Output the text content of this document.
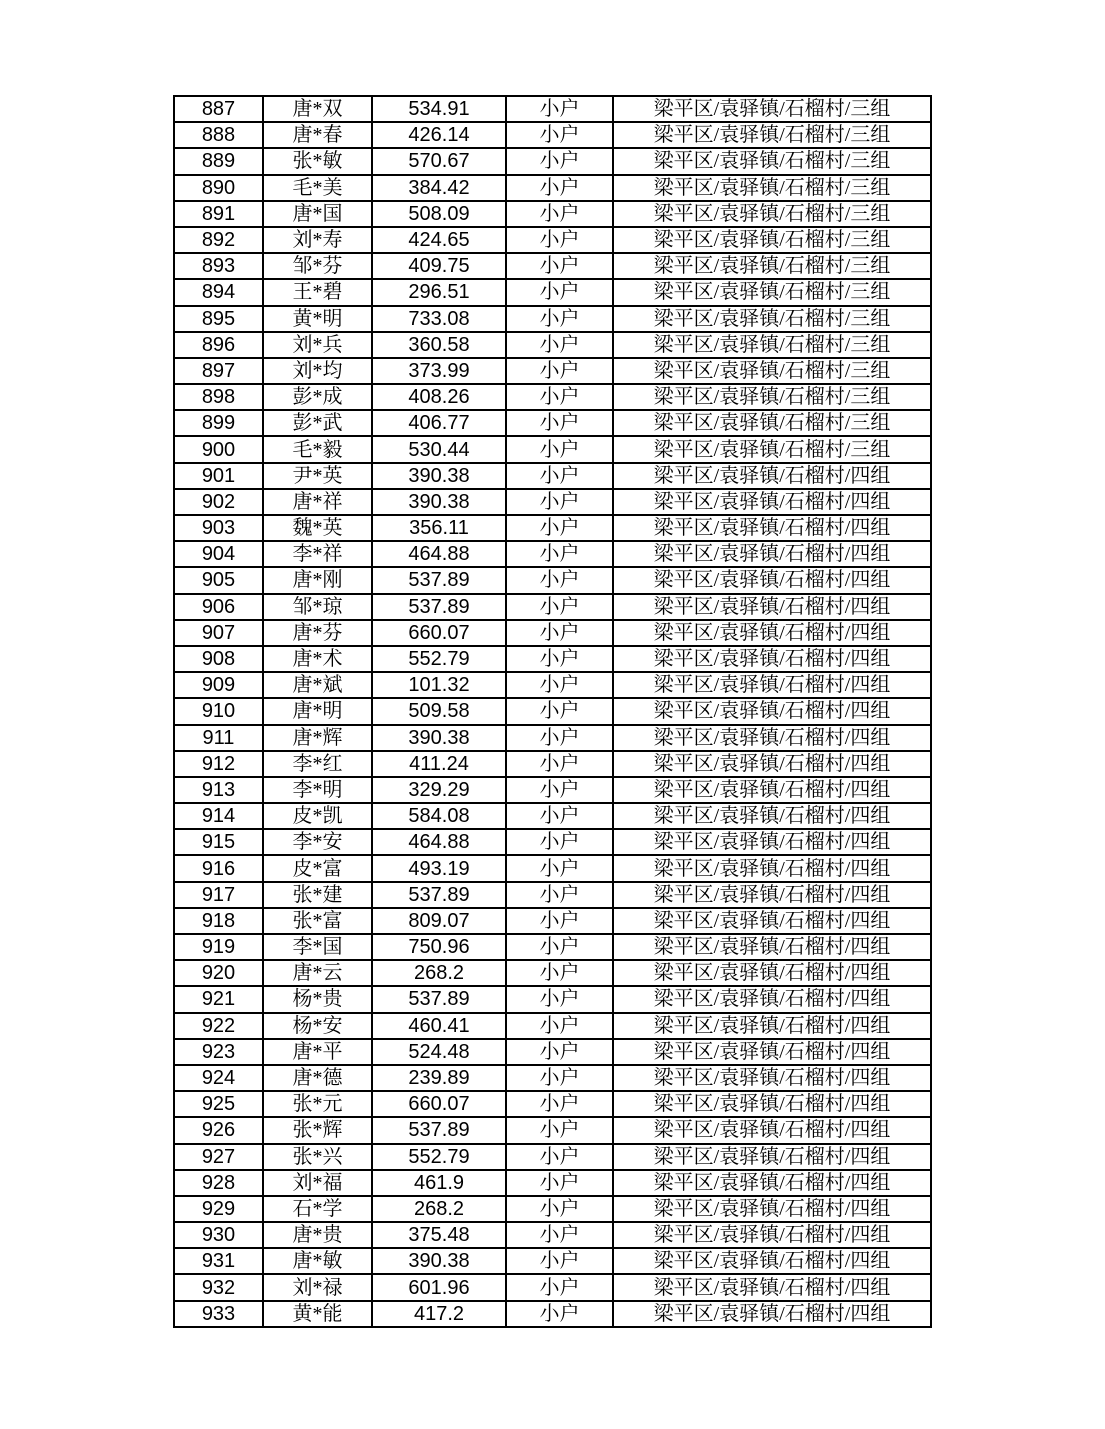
887	唐*双	534.91	小户	梁平区/袁驿镇/石榴村/三组
888	唐*春	426.14	小户	梁平区/袁驿镇/石榴村/三组
889	张*敏	570.67	小户	梁平区/袁驿镇/石榴村/三组
890	毛*美	384.42	小户	梁平区/袁驿镇/石榴村/三组
891	唐*国	508.09	小户	梁平区/袁驿镇/石榴村/三组
892	刘*寿	424.65	小户	梁平区/袁驿镇/石榴村/三组
893	邹*芬	409.75	小户	梁平区/袁驿镇/石榴村/三组
894	王*碧	296.51	小户	梁平区/袁驿镇/石榴村/三组
895	黄*明	733.08	小户	梁平区/袁驿镇/石榴村/三组
896	刘*兵	360.58	小户	梁平区/袁驿镇/石榴村/三组
897	刘*均	373.99	小户	梁平区/袁驿镇/石榴村/三组
898	彭*成	408.26	小户	梁平区/袁驿镇/石榴村/三组
899	彭*武	406.77	小户	梁平区/袁驿镇/石榴村/三组
900	毛*毅	530.44	小户	梁平区/袁驿镇/石榴村/三组
901	尹*英	390.38	小户	梁平区/袁驿镇/石榴村/四组
902	唐*祥	390.38	小户	梁平区/袁驿镇/石榴村/四组
903	魏*英	356.11	小户	梁平区/袁驿镇/石榴村/四组
904	李*祥	464.88	小户	梁平区/袁驿镇/石榴村/四组
905	唐*刚	537.89	小户	梁平区/袁驿镇/石榴村/四组
906	邹*琼	537.89	小户	梁平区/袁驿镇/石榴村/四组
907	唐*芬	660.07	小户	梁平区/袁驿镇/石榴村/四组
908	唐*术	552.79	小户	梁平区/袁驿镇/石榴村/四组
909	唐*斌	101.32	小户	梁平区/袁驿镇/石榴村/四组
910	唐*明	509.58	小户	梁平区/袁驿镇/石榴村/四组
911	唐*辉	390.38	小户	梁平区/袁驿镇/石榴村/四组
912	李*红	411.24	小户	梁平区/袁驿镇/石榴村/四组
913	李*明	329.29	小户	梁平区/袁驿镇/石榴村/四组
914	皮*凯	584.08	小户	梁平区/袁驿镇/石榴村/四组
915	李*安	464.88	小户	梁平区/袁驿镇/石榴村/四组
916	皮*富	493.19	小户	梁平区/袁驿镇/石榴村/四组
917	张*建	537.89	小户	梁平区/袁驿镇/石榴村/四组
918	张*富	809.07	小户	梁平区/袁驿镇/石榴村/四组
919	李*国	750.96	小户	梁平区/袁驿镇/石榴村/四组
920	唐*云	268.2	小户	梁平区/袁驿镇/石榴村/四组
921	杨*贵	537.89	小户	梁平区/袁驿镇/石榴村/四组
922	杨*安	460.41	小户	梁平区/袁驿镇/石榴村/四组
923	唐*平	524.48	小户	梁平区/袁驿镇/石榴村/四组
924	唐*德	239.89	小户	梁平区/袁驿镇/石榴村/四组
925	张*元	660.07	小户	梁平区/袁驿镇/石榴村/四组
926	张*辉	537.89	小户	梁平区/袁驿镇/石榴村/四组
927	张*兴	552.79	小户	梁平区/袁驿镇/石榴村/四组
928	刘*福	461.9	小户	梁平区/袁驿镇/石榴村/四组
929	石*学	268.2	小户	梁平区/袁驿镇/石榴村/四组
930	唐*贵	375.48	小户	梁平区/袁驿镇/石榴村/四组
931	唐*敏	390.38	小户	梁平区/袁驿镇/石榴村/四组
932	刘*禄	601.96	小户	梁平区/袁驿镇/石榴村/四组
933	黄*能	417.2	小户	梁平区/袁驿镇/石榴村/四组
